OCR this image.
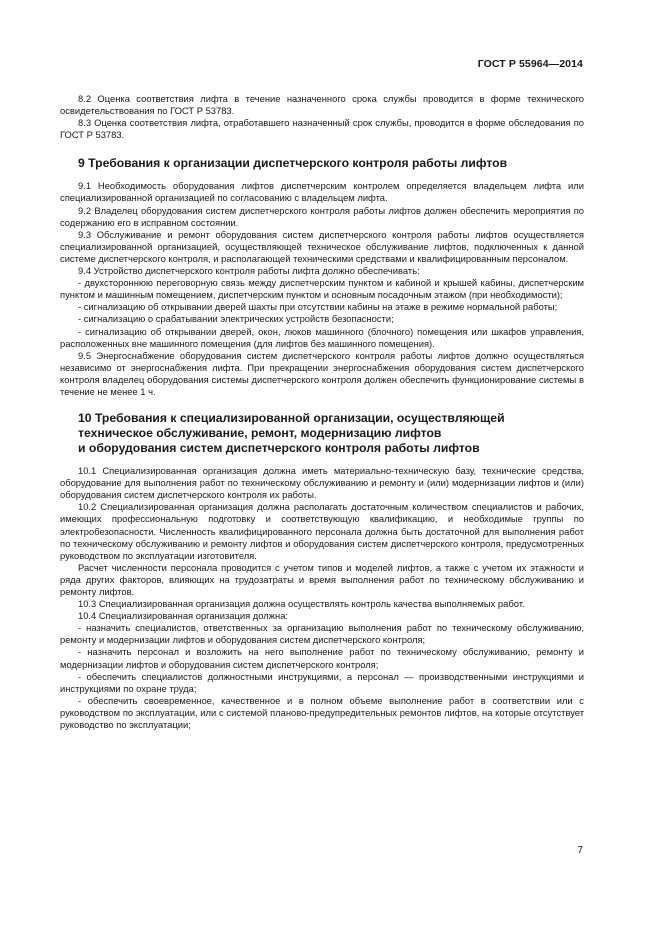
ГОСТ Р 55964—2014

8.2 Оценка соответствия лифта в течение назначенного срока службы проводится в форме технического освидетельствования по ГОСТ Р 53783.

8.3 Оценка соответствия лифта, отработавшего назначенный срок службы, проводится в форме обследования по ГОСТ Р 53783.

9 Требования к организации диспетчерского контроля работы лифтов

9.1 Необходимость оборудования лифтов диспетчерским контролем определяется владельцем лифта или специализированной организацией по согласованию с владельцем лифта.

9.2 Владелец оборудования систем диспетчерского контроля работы лифтов должен обеспечить мероприятия по содержанию его в исправном состоянии.

9.3 Обслуживание и ремонт оборудования систем диспетчерского контроля работы лифтов осуществляется специализированной организацией, осуществляющей техническое обслуживание лифтов, подключенных к данной системе диспетчерского контроля, и располагающей техническими средствами и квалифицированным персоналом.

9.4 Устройство диспетчерского контроля работы лифта должно обеспечивать:

- двухстороннюю переговорную связь между диспетчерским пунктом и кабиной и крышей кабины, диспетчерским пунктом и машинным помещением, диспетчерским пунктом и основным посадочным этажом (при необходимости);

- сигнализацию об открывании дверей шахты при отсутствии кабины на этаже в режиме нормальной работы;

- сигнализацию о срабатывании электрических устройств безопасности;

- сигнализацию об открывании дверей, окон, люков машинного (блочного) помещения или шкафов управления, расположенных вне машинного помещения (для лифтов без машинного помещения).

9.5 Энергоснабжение оборудования систем диспетчерского контроля работы лифтов должно осуществляться независимо от энергоснабжения лифта. При прекращении энергоснабжения оборудования систем диспетчерского контроля владелец оборудования системы диспетчерского контроля должен обеспечить функционирование системы в течение не менее 1 ч.

10 Требования к специализированной организации, осуществляющей
техническое обслуживание, ремонт, модернизацию лифтов
и оборудования систем диспетчерского контроля работы лифтов

10.1 Специализированная организация должна иметь материально-техническую базу, технические средства, оборудование для выполнения работ по техническому обслуживанию и ремонту и (или) модернизации лифтов и (или) оборудования систем диспетчерского контроля их работы.

10.2 Специализированная организация должна располагать достаточным количеством специалистов и рабочих, имеющих профессиональную подготовку и соответствующую квалификацию, и необходимые группы по электробезопасности. Численность квалифицированного персонала должна быть достаточной для выполнения работ по техническому обслуживанию и ремонту лифтов и оборудования систем диспетчерского контроля, предусмотренных руководством по эксплуатации изготовителя.

Расчет численности персонала проводится с учетом типов и моделей лифтов, а также с учетом их этажности и ряда других факторов, влияющих на трудозатраты и время выполнения работ по техническому обслуживанию и ремонту лифтов.

10.3 Специализированная организация должна осуществлять контроль качества выполняемых работ.

10.4 Специализированная организация должна:

- назначить специалистов, ответственных за организацию выполнения работ по техническому обслуживанию, ремонту и модернизации лифтов и оборудования систем диспетчерского контроля;

- назначить персонал и возложить на него выполнение работ по техническому обслуживанию, ремонту и модернизации лифтов и оборудования систем диспетчерского контроля;

- обеспечить специалистов должностными инструкциями, а персонал — производственными инструкциями и инструкциями по охране труда;

- обеспечить своевременное, качественное и в полном объеме выполнение работ в соответствии или с руководством по эксплуатации, или с системой планово-предупредительных ремонтов лифтов, на которые отсутствует руководство по эксплуатации;

7
